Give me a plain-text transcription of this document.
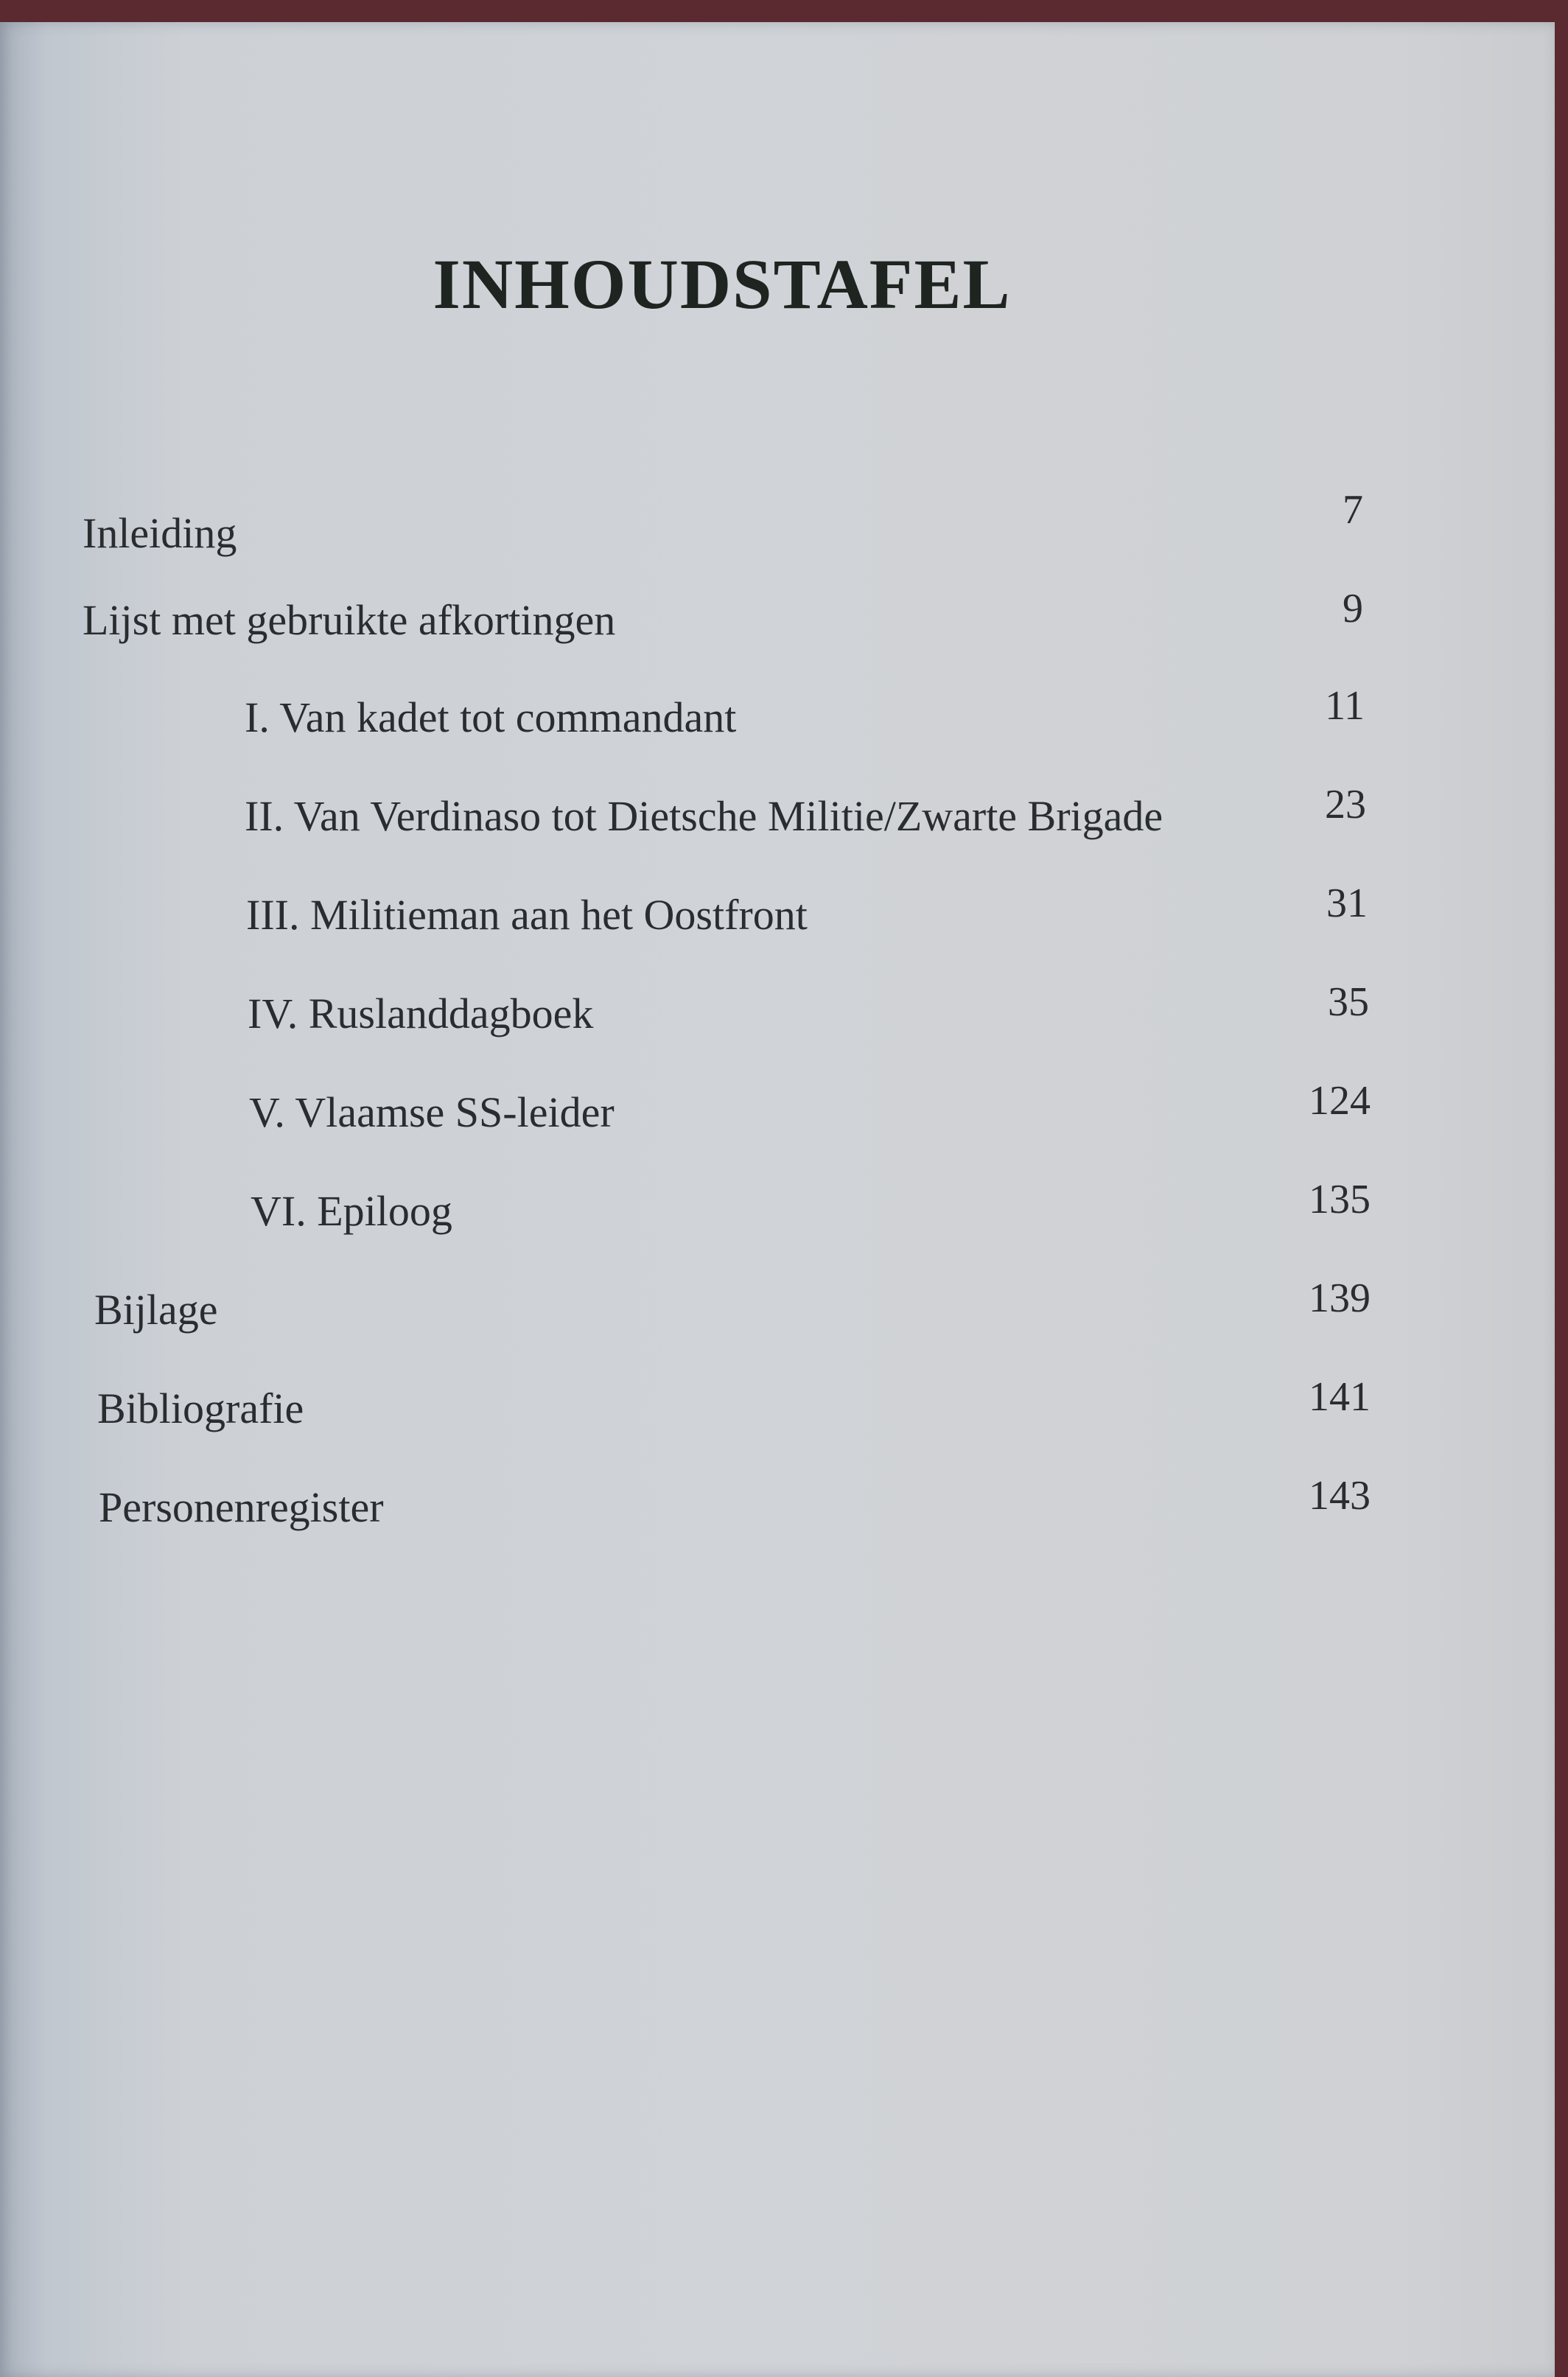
INHOUDSTAFEL
Inleiding	7
Lijst met gebruikte afkortingen	9
I. Van kadet tot commandant	11
II. Van Verdinaso tot Dietsche Militie/Zwarte Brigade	23
III. Militieman aan het Oostfront	31
IV. Ruslanddagboek	35
V. Vlaamse SS-leider	124
VI. Epiloog	135
Bijlage	139
Bibliografie	141
Personenregister	143
